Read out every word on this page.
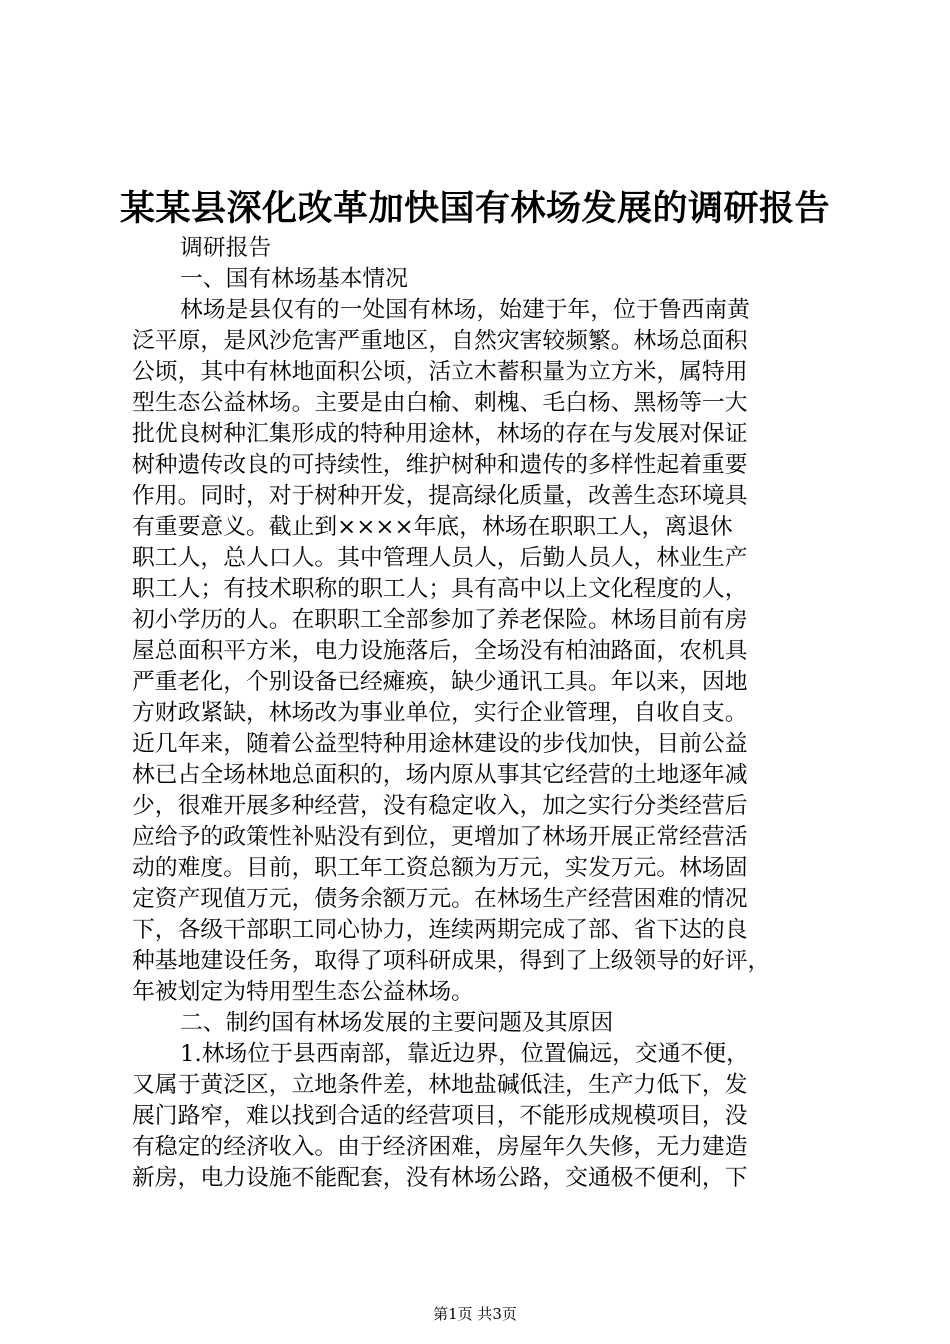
某某县深化改革加快国有林场发展的调研报告
调研报告
一、国有林场基本情况
林场是县仅有的一处国有林场，始建于年，位于鲁西南黄
泛平原，是风沙危害严重地区，自然灾害较频繁。林场总面积
公顷，其中有林地面积公顷，活立木蓄积量为立方米，属特用
型生态公益林场。主要是由白榆、刺槐、毛白杨、黑杨等一大
批优良树种汇集形成的特种用途林，林场的存在与发展对保证
树种遗传改良的可持续性，维护树种和遗传的多样性起着重要
作用。同时，对于树种开发，提高绿化质量，改善生态环境具
有重要意义。截止到××××年底，林场在职职工人，离退休
职工人，总人口人。其中管理人员人，后勤人员人，林业生产
职工人；有技术职称的职工人；具有高中以上文化程度的人，
初小学历的人。在职职工全部参加了养老保险。林场目前有房
屋总面积平方米，电力设施落后，全场没有柏油路面，农机具
严重老化，个别设备已经瘫痪，缺少通讯工具。年以来，因地
方财政紧缺，林场改为事业单位，实行企业管理，自收自支。
近几年来，随着公益型特种用途林建设的步伐加快，目前公益
林已占全场林地总面积的，场内原从事其它经营的土地逐年减
少，很难开展多种经营，没有稳定收入，加之实行分类经营后
应给予的政策性补贴没有到位，更增加了林场开展正常经营活
动的难度。目前，职工年工资总额为万元，实发万元。林场固
定资产现值万元，债务余额万元。在林场生产经营困难的情况
下，各级干部职工同心协力，连续两期完成了部、省下达的良
种基地建设任务，取得了项科研成果，得到了上级领导的好评，
年被划定为特用型生态公益林场。
二、制约国有林场发展的主要问题及其原因
1.林场位于县西南部，靠近边界，位置偏远，交通不便，
又属于黄泛区，立地条件差，林地盐碱低洼，生产力低下，发
展门路窄，难以找到合适的经营项目，不能形成规模项目，没
有稳定的经济收入。由于经济困难，房屋年久失修，无力建造
新房，电力设施不能配套，没有林场公路，交通极不便利，下
第1页 共3页
